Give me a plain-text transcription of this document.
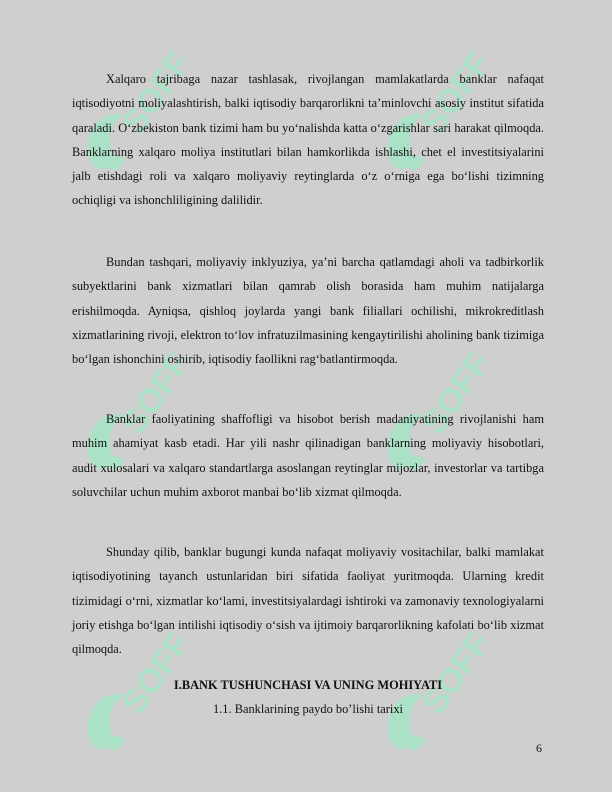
SOFF	SOFF
SOFF	SOFF
SOFF	SOFF

Xalqaro tajribaga nazar tashlasak, rivojlangan mamlakatlarda banklar nafaqat iqtisodiyotni moliyalashtirish, balki iqtisodiy barqarorlikni ta’minlovchi asosiy institut sifatida qaraladi. O‘zbekiston bank tizimi ham bu yo‘nalishda katta o‘zgarishlar sari harakat qilmoqda. Banklarning xalqaro moliya institutlari bilan hamkorlikda ishlashi, chet el investitsiyalarini jalb etishdagi roli va xalqaro moliyaviy reytinglarda o‘z o‘rniga ega bo‘lishi tizimning ochiqligi va ishonchliligining dalilidir.

Bundan tashqari, moliyaviy inklyuziya, ya’ni barcha qatlamdagi aholi va tadbirkorlik subyektlarini bank xizmatlari bilan qamrab olish borasida ham muhim natijalarga erishilmoqda. Ayniqsa, qishloq joylarda yangi bank filiallari ochilishi, mikrokreditlash xizmatlarining rivoji, elektron to‘lov infratuzilmasining kengaytirilishi aholining bank tizimiga bo‘lgan ishonchini oshirib, iqtisodiy faollikni rag‘batlantirmoqda.

Banklar faoliyatining shaffofligi va hisobot berish madaniyatining rivojlanishi ham muhim ahamiyat kasb etadi. Har yili nashr qilinadigan banklarning moliyaviy hisobotlari, audit xulosalari va xalqaro standartlarga asoslangan reytinglar mijozlar, investorlar va tartibga soluvchilar uchun muhim axborot manbai bo‘lib xizmat qilmoqda.

Shunday qilib, banklar bugungi kunda nafaqat moliyaviy vositachilar, balki mamlakat iqtisodiyotining tayanch ustunlaridan biri sifatida faoliyat yuritmoqda. Ularning kredit tizimidagi o‘rni, xizmatlar ko‘lami, investitsiyalardagi ishtiroki va zamonaviy texnologiyalarni joriy etishga bo‘lgan intilishi iqtisodiy o‘sish va ijtimoiy barqarorlikning kafolati bo‘lib xizmat qilmoqda.

I.BANK TUSHUNCHASI VA UNING MOHIYATI

1.1. Banklarining paydo bo’lishi tarixi

6
